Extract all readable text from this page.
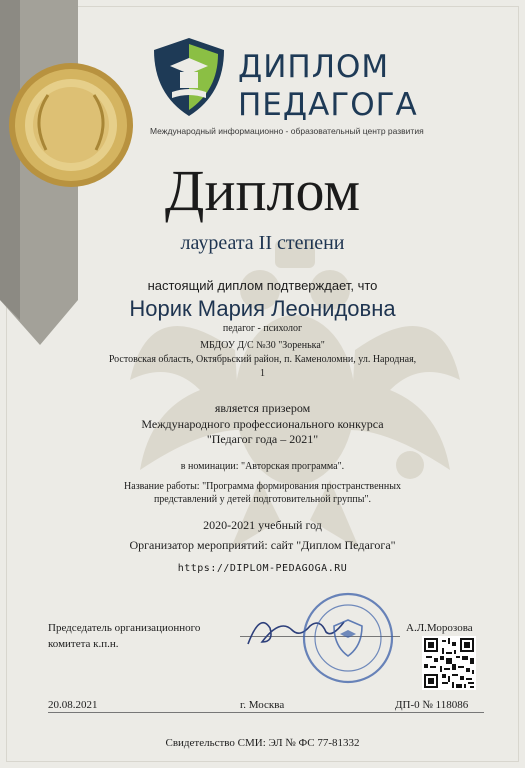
ДИПЛОМ
ПЕДАГОГА
Международный информационно - образовательный центр развития
Диплом
лауреата II степени
настоящий диплом подтверждает, что
Норик Мария Леонидовна
педагог - психолог
МБДОУ Д/С №30 "Зоренька"
Ростовская область, Октябрьский район, п. Каменоломни, ул. Народная,
1
является призером
Международного профессионального конкурса
"Педагог года – 2021"
в номинации: "Авторская программа".
Название работы: "Программа формирования пространственных
представлений у детей подготовительной группы".
2020-2021 учебный год
Организатор мероприятий: сайт "Диплом Педагога"
https://DIPLOM-PEDAGOGA.RU
Председатель организационного
комитета к.п.н.
А.Л.Морозова
20.08.2021	г. Москва	ДП-0 № 118086
Свидетельство СМИ: ЭЛ № ФС 77-81332
